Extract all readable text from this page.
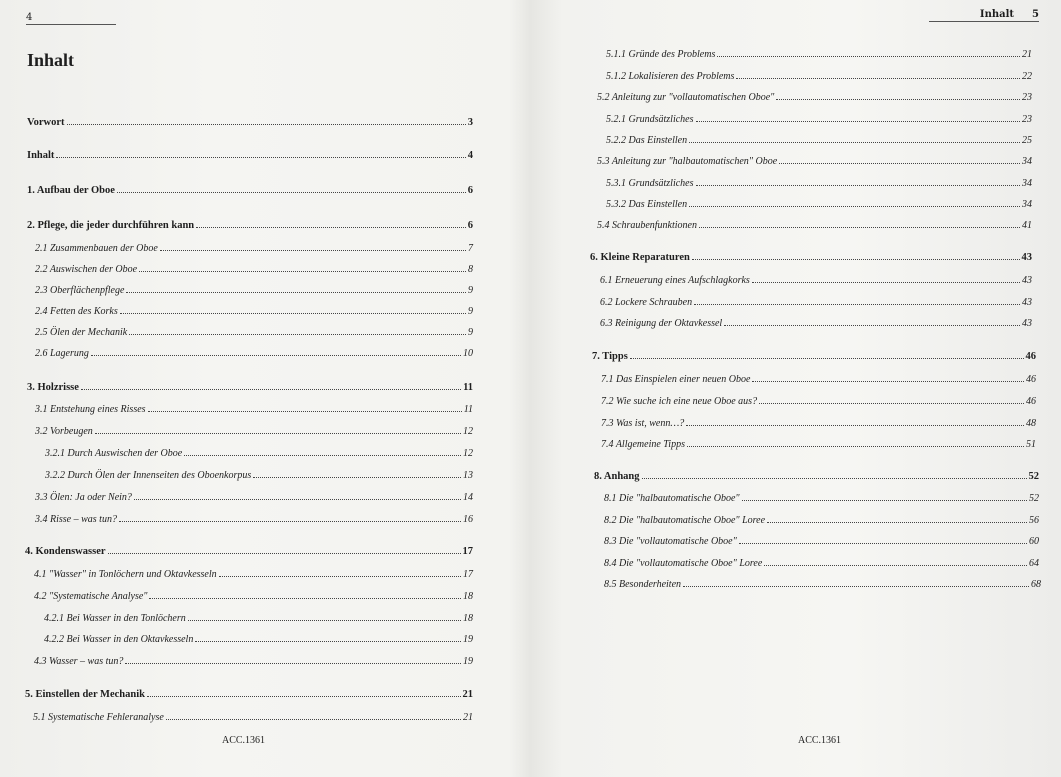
4
Inhalt
Vorwort	3
Inhalt	4
1. Aufbau der Oboe	6
2. Pflege, die jeder durchführen kann	6
2.1 Zusammenbauen der Oboe	7
2.2 Auswischen der Oboe	8
2.3 Oberflächenpflege	9
2.4 Fetten des Korks	9
2.5 Ölen der Mechanik	9
2.6 Lagerung	10
3. Holzrisse	11
3.1 Entstehung eines Risses	11
3.2 Vorbeugen	12
3.2.1 Durch Auswischen der Oboe	12
3.2.2 Durch Ölen der Innenseiten des Oboenkorpus	13
3.3 Ölen: Ja oder Nein?	14
3.4 Risse – was tun?	16
4. Kondenswasser	17
4.1 "Wasser" in Tonlöchern und Oktavkesseln	17
4.2 "Systematische Analyse"	18
4.2.1 Bei Wasser in den Tonlöchern	18
4.2.2 Bei Wasser in den Oktavkesseln	19
4.3 Wasser – was tun?	19
5. Einstellen der Mechanik	21
5.1 Systematische Fehleranalyse	21
ACC.1361
Inhalt 5
5.1.1 Gründe des Problems	21
5.1.2 Lokalisieren des Problems	22
5.2 Anleitung zur "vollautomatischen Oboe"	23
5.2.1 Grundsätzliches	23
5.2.2 Das Einstellen	25
5.3 Anleitung zur "halbautomatischen" Oboe	34
5.3.1 Grundsätzliches	34
5.3.2 Das Einstellen	34
5.4 Schraubenfunktionen	41
6. Kleine Reparaturen	43
6.1 Erneuerung eines Aufschlagkorks	43
6.2 Lockere Schrauben	43
6.3 Reinigung der Oktavkessel	43
7. Tipps	46
7.1 Das Einspielen einer neuen Oboe	46
7.2 Wie suche ich eine neue Oboe aus?	46
7.3 Was ist, wenn…?	48
7.4 Allgemeine Tipps	51
8. Anhang	52
8.1 Die "halbautomatische Oboe"	52
8.2 Die "halbautomatische Oboe" Loree	56
8.3 Die "vollautomatische Oboe"	60
8.4 Die "vollautomatische Oboe" Loree	64
8.5 Besonderheiten	68
ACC.1361
